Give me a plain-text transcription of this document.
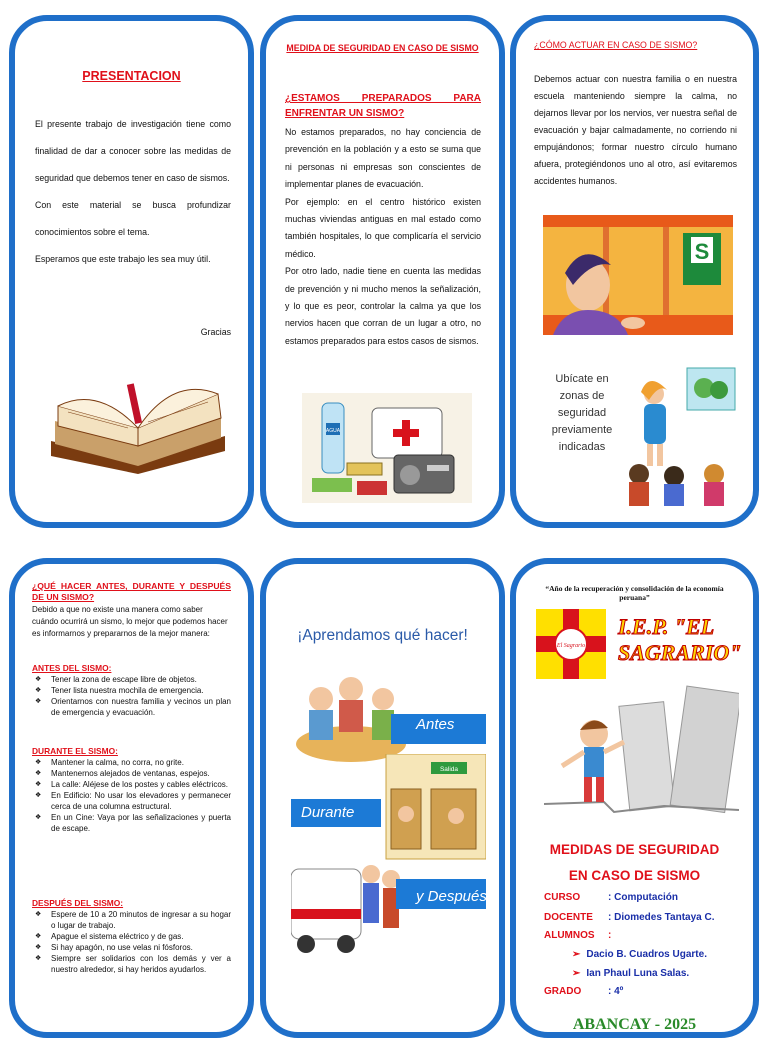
PRESENTACION
El presente trabajo de investigación tiene como finalidad de dar a conocer sobre las medidas de seguridad que debemos tener en caso de sismos.
Con este material se busca profundizar conocimientos sobre el tema.
Esperamos que este trabajo les sea muy útil.
Gracias
MEDIDA DE SEGURIDAD EN CASO DE SISMO
¿ESTAMOS PREPARADOS PARA ENFRENTAR UN SISMO?

No estamos preparados, no hay conciencia de prevención en la población y a esto se suma que ni personas ni empresas son conscientes de implementar planes de evacuación.

Por ejemplo: en el centro histórico existen muchas viviendas antiguas en mal estado como también hospitales, lo que complicaría el servicio médico.

Por otro lado, nadie tiene en cuenta las medidas de prevención y ni mucho menos la señalización, y lo que es peor, controlar la calma ya que los nervios hacen que corran de un lugar a otro, no estamos preparados para estos casos de sismos.

AGUA
¿CÓMO ACTUAR EN CASO DE SISMO?
Debemos actuar con nuestra familia o en nuestra escuela manteniendo siempre la calma, no dejarnos llevar por los nervios, ver nuestra señal de evacuación y bajar calmadamente, no corriendo ni empujándonos; formar nuestro círculo humano afuera, protegiéndonos uno al otro, así evitaremos accidentes humanos.
S
Ubícate en zonas de seguridad previamente indicadas
¿QUÉ HACER ANTES, DURANTE Y DESPUÉS DE UN SISMO?
Debido a que no existe una manera como saber cuándo ocurrirá un sismo, lo mejor que podemos hacer es informarnos y prepararnos de la mejor manera:
ANTES DEL SISMO:
❖ Tener la zona de escape libre de objetos.
❖ Tener lista nuestra mochila de emergencia.
❖ Orientarnos con nuestra familia y vecinos un plan de emergencia y evacuación.
DURANTE EL SISMO:
❖ Mantener la calma, no corra, no grite.
❖ Mantenernos alejados de ventanas, espejos.
❖ La calle: Aléjese de los postes y cables eléctricos.
❖ En Edificio: No usar los elevadores y permanecer cerca de una columna estructural.
❖ En un Cine: Vaya por las señalizaciones y puerta de escape.
DESPUÉS DEL SISMO:
❖ Espere de 10 a 20 minutos de ingresar a su hogar o lugar de trabajo.
❖ Apague el sistema eléctrico y de gas.
❖ Si hay apagón, no use velas ni fósforos.
❖ Siempre ser solidarios con los demás y ver a nuestro alrededor, si hay heridos ayudarlos.
¡Aprendamos qué hacer!
Antes
Salida
Durante
y Después
“Año de la recuperación y consolidación de la economía peruana”
El Sagrario
I.E.P. "EL SAGRARIO"
MEDIDAS DE SEGURIDAD
EN CASO DE SISMO
CURSO	: Computación
DOCENTE : Diomedes Tantaya C.
ALUMNOS :
➢ Dacio B. Cuadros Ugarte.
➢ Ian Phaul Luna Salas.
GRADO	: 4º
ABANCAY - 2025
